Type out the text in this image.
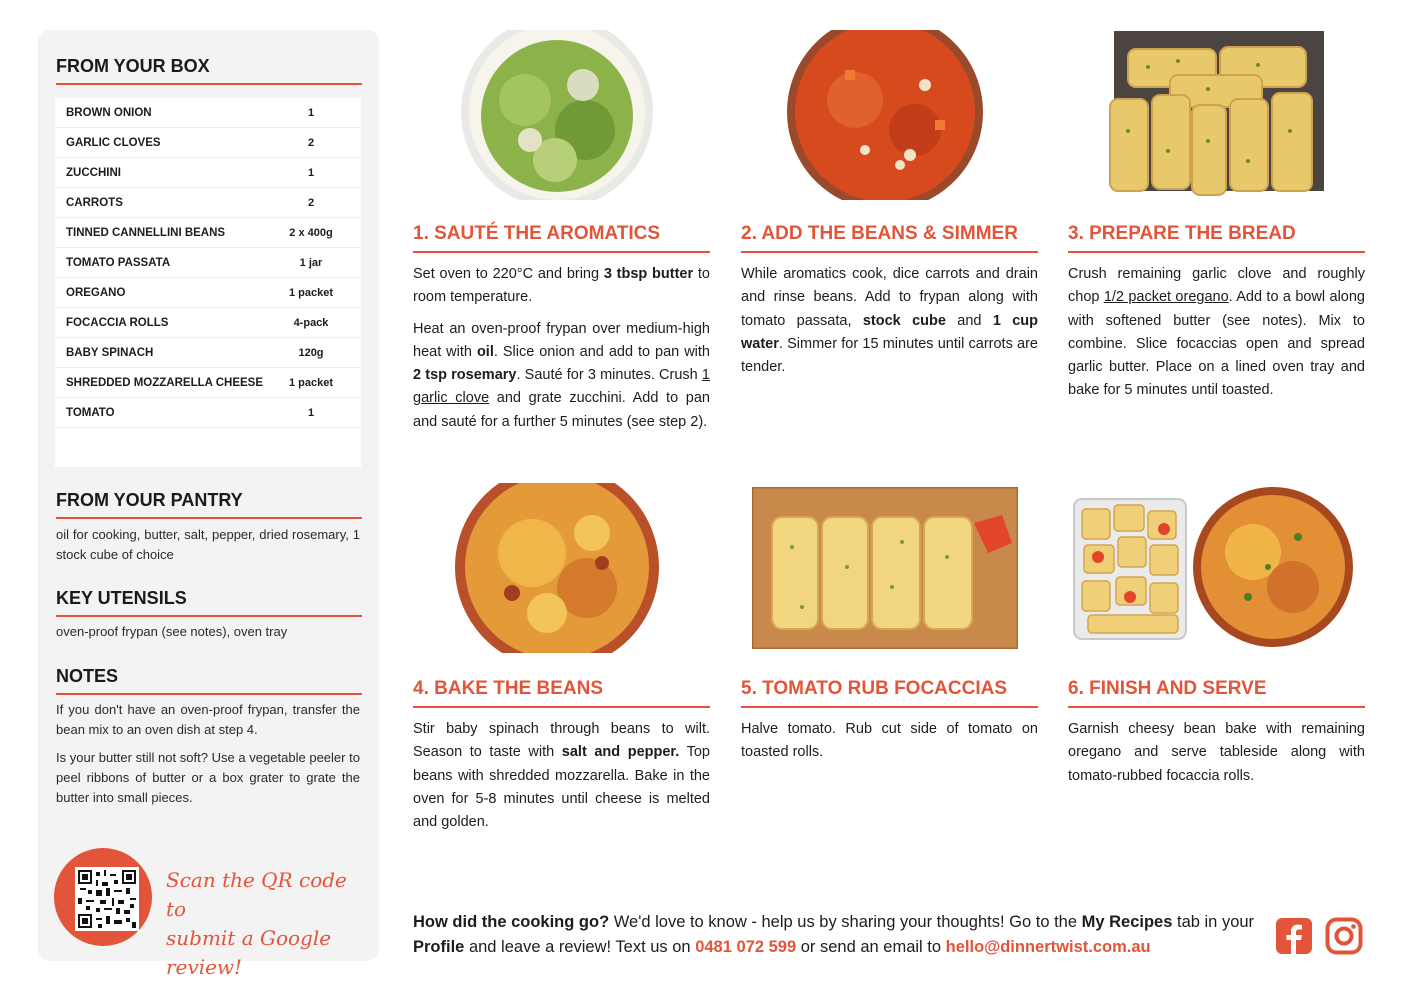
FROM YOUR BOX
BROWN ONION	1
GARLIC CLOVES	2
ZUCCHINI	1
CARROTS	2
TINNED CANNELLINI BEANS	2 x 400g
TOMATO PASSATA	1 jar
OREGANO	1 packet
FOCACCIA ROLLS	4-pack
BABY SPINACH	120g
SHREDDED MOZZARELLA CHEESE	1 packet
TOMATO	1
FROM YOUR PANTRY
oil for cooking, butter, salt, pepper, dried rosemary, 1 stock cube of choice
KEY UTENSILS
oven-proof frypan (see notes), oven tray
NOTES
If you don't have an oven-proof frypan, transfer the bean mix to an oven dish at step 4.
Is your butter still not soft? Use a vegetable peeler to peel ribbons of butter or a box grater to grate the butter into small pieces.
Scan the QR code to
submit a Google review!
1. SAUTÉ THE AROMATICS

Set oven to 220°C and bring 3 tbsp butter to room temperature.

Heat an oven-proof frypan over medium-high heat with oil. Slice onion and add to pan with 2 tsp rosemary. Sauté for 3 minutes. Crush 1 garlic clove and grate zucchini. Add to pan and sauté for a further 5 minutes (see step 2).

2. ADD THE BEANS & SIMMER

While aromatics cook, dice carrots and drain and rinse beans. Add to frypan along with tomato passata, stock cube and 1 cup water. Simmer for 15 minutes until carrots are tender.

3. PREPARE THE BREAD

Crush remaining garlic clove and roughly chop 1/2 packet oregano. Add to a bowl along with softened butter (see notes). Mix to combine. Slice focaccias open and spread garlic butter. Place on a lined oven tray and bake for 5 minutes until toasted.

4. BAKE THE BEANS

Stir baby spinach through beans to wilt. Season to taste with salt and pepper. Top beans with shredded mozzarella. Bake in the oven for 5-8 minutes until cheese is melted and golden.

5. TOMATO RUB FOCACCIAS

Halve tomato. Rub cut side of tomato on toasted rolls.

6. FINISH AND SERVE

Garnish cheesy bean bake with remaining oregano and serve tableside along with tomato-rubbed focaccia rolls.

How did the cooking go? We'd love to know - help us by sharing your thoughts! Go to the My Recipes tab in your Profile and leave a review! Text us on 0481 072 599 or send an email to hello@dinnertwist.com.au
